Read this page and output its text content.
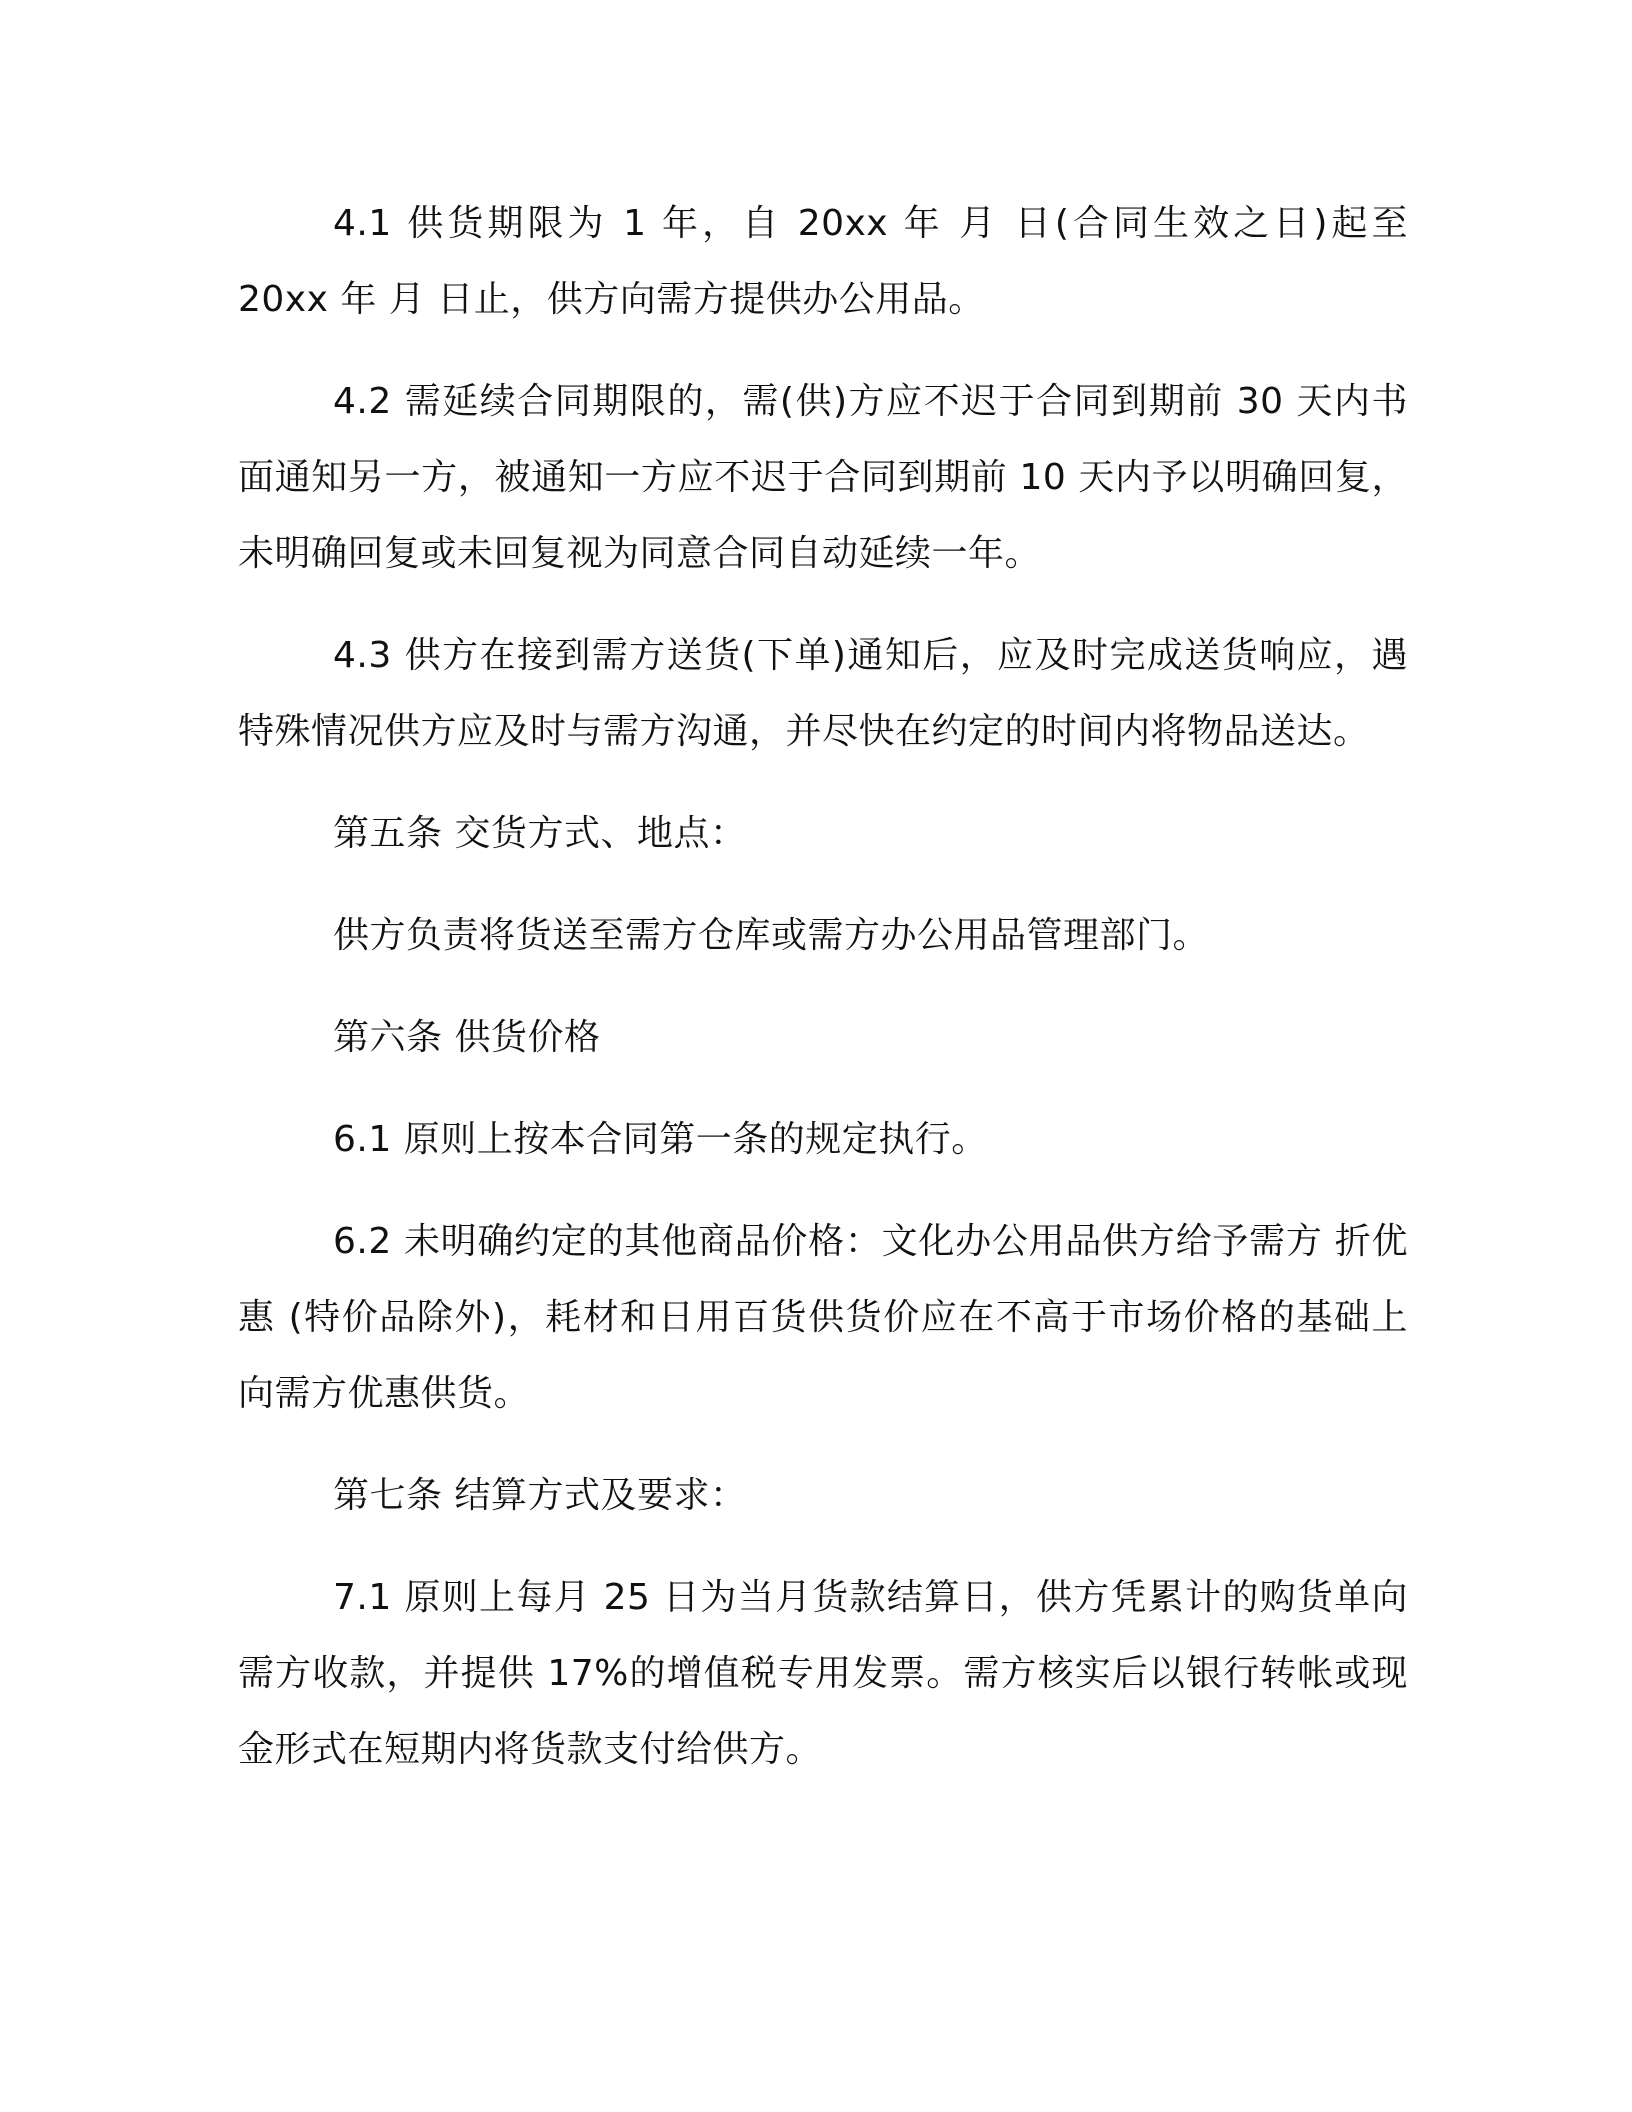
4.1 供货期限为 1 年，自 20xx 年 月 日(合同生效之日)起至 20xx 年 月 日止，供方向需方提供办公用品。

4.2 需延续合同期限的，需(供)方应不迟于合同到期前 30 天内书面通知另一方，被通知一方应不迟于合同到期前 10 天内予以明确回复，未明确回复或未回复视为同意合同自动延续一年。

4.3 供方在接到需方送货(下单)通知后，应及时完成送货响应，遇特殊情况供方应及时与需方沟通，并尽快在约定的时间内将物品送达。

第五条 交货方式、地点：

供方负责将货送至需方仓库或需方办公用品管理部门。

第六条 供货价格

6.1 原则上按本合同第一条的规定执行。

6.2 未明确约定的其他商品价格：文化办公用品供方给予需方 折优惠 (特价品除外)，耗材和日用百货供货价应在不高于市场价格的基础上向需方优惠供货。

第七条 结算方式及要求：

7.1 原则上每月 25 日为当月货款结算日，供方凭累计的购货单向需方收款，并提供 17%的增值税专用发票。需方核实后以银行转帐或现金形式在短期内将货款支付给供方。
